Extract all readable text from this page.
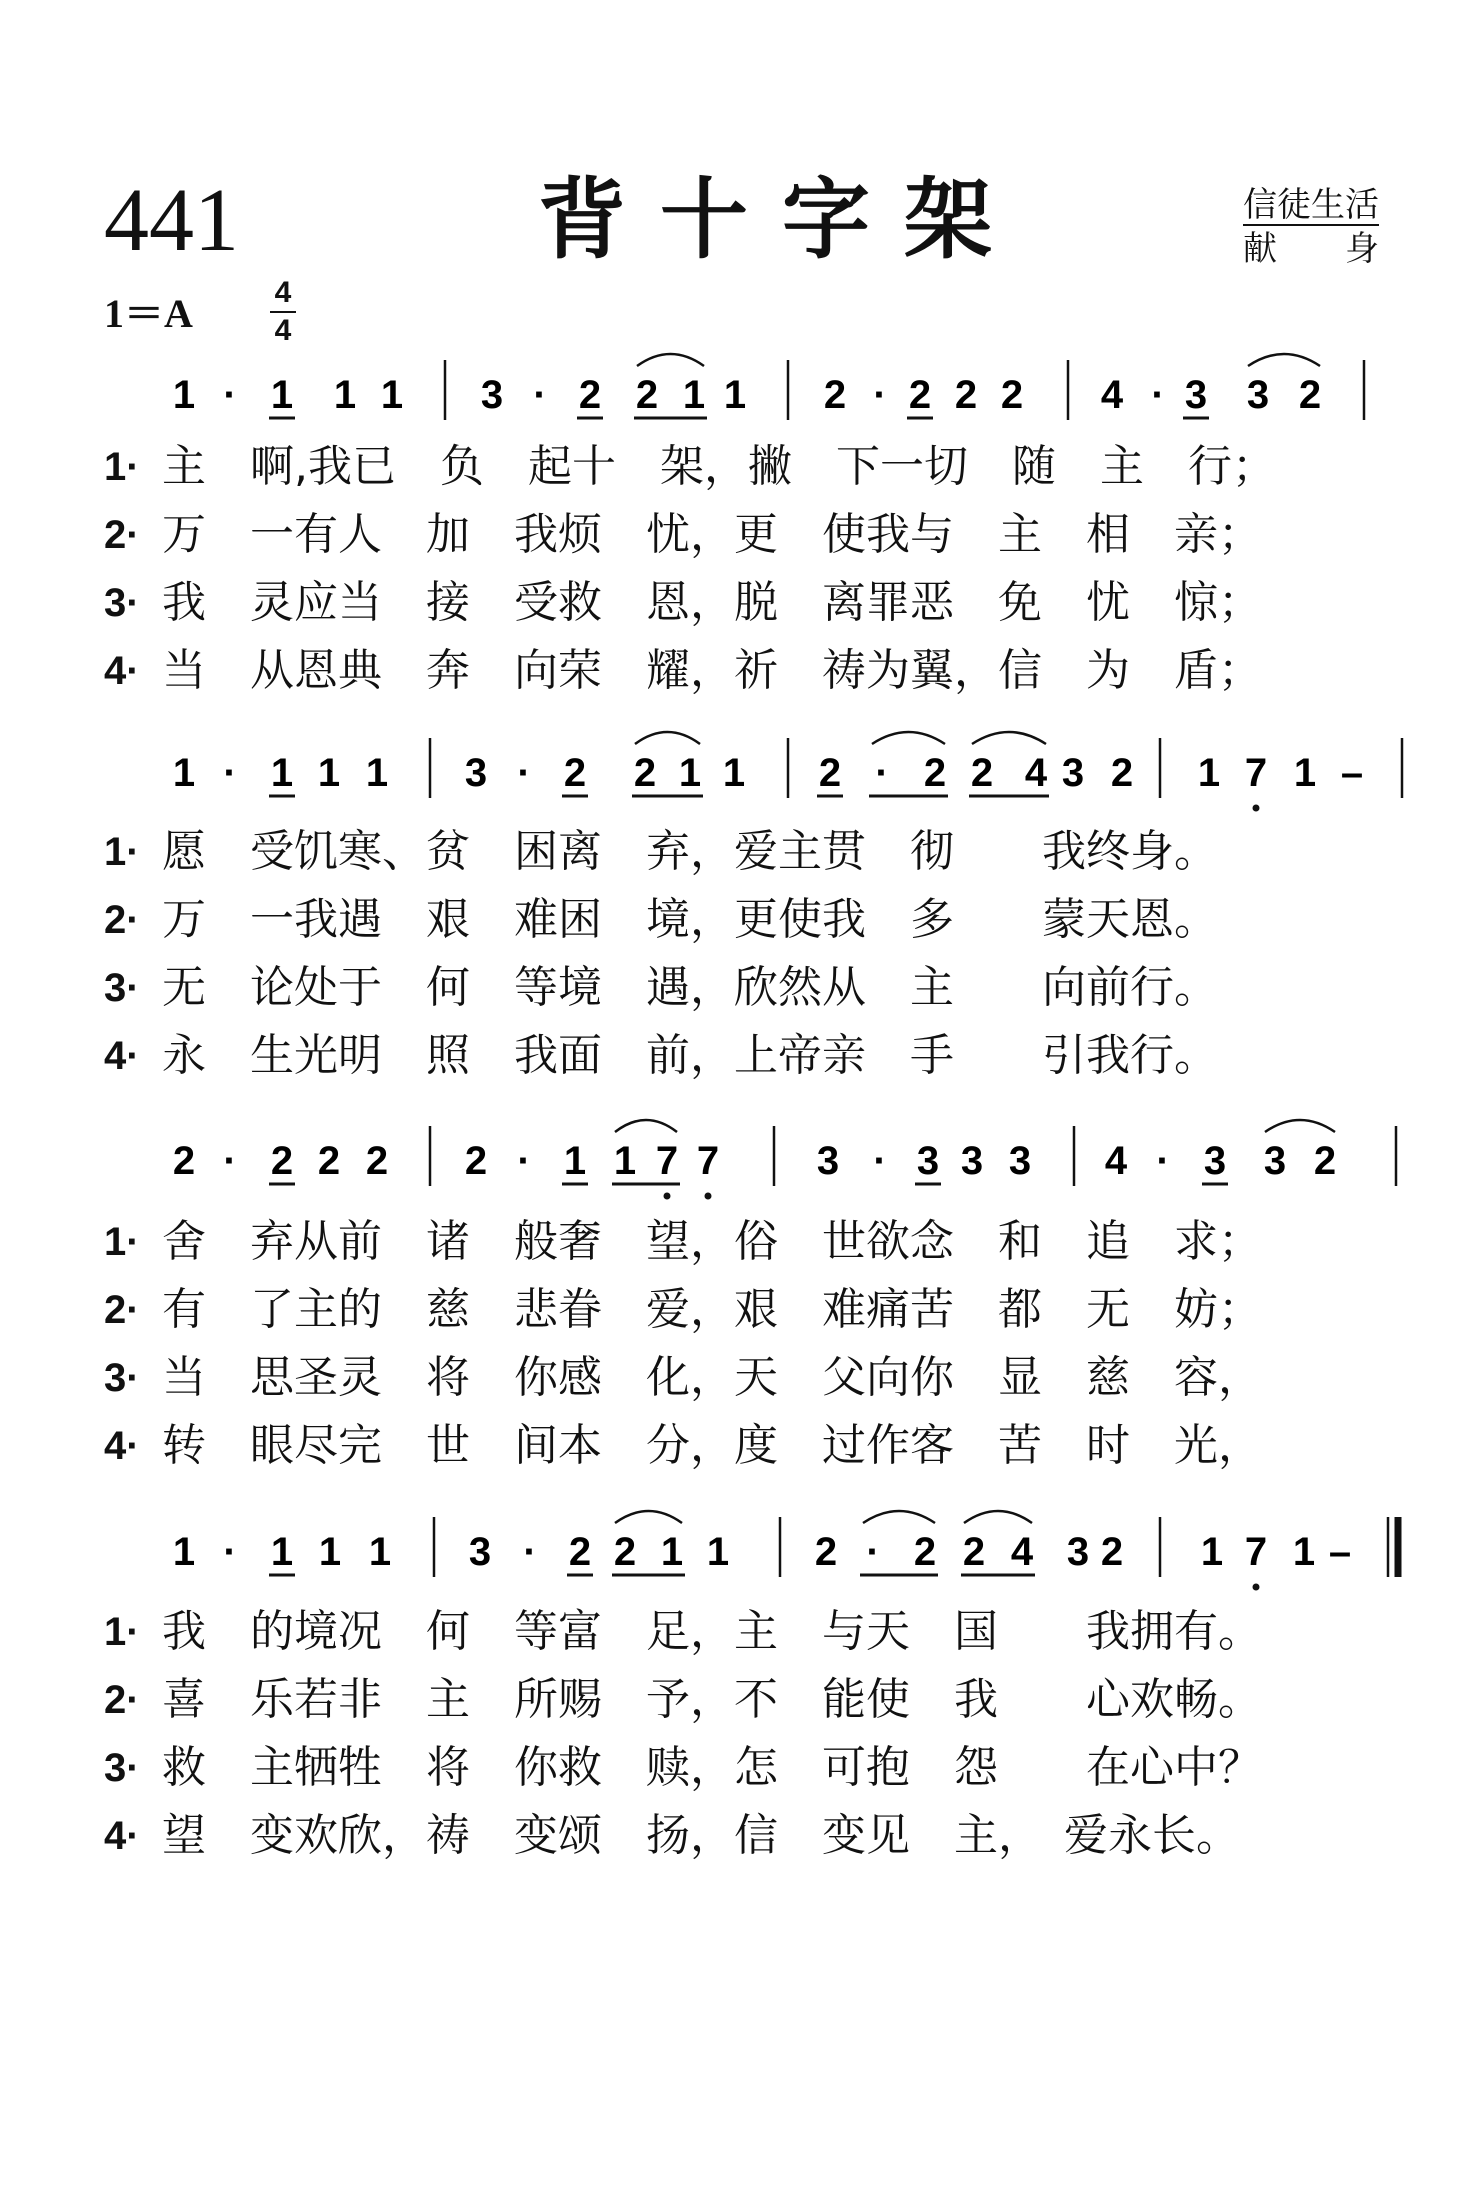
441	背十字架	信徒生活
献　　身
1＝A	4
4
1 · 1 1 1 3 · 2 2 1 1 2 · 2 2 2 4 · 3 3 2
1 · 1 1 1 3 · 2 2 1 1 2 · 2 2 4 3 2 1 7 1 –
2 · 2 2 2 2 · 1 1 7 7 3 · 3 3 3 4 · 3 3 2
1 · 1 1 1 3 · 2 2 1 1 2 · 2 2 4 3 2 1 7 1 –
1· 主　啊,我已　负　起十　架，撇　下一切　随　主　行；
2· 万　一有人　加　我烦　忧，更　使我与　主　相　亲；
3· 我　灵应当　接　受救　恩，脱　离罪恶　免　忧　惊；
4· 当　从恩典　奔　向荣　耀，祈　祷为翼，信　为　盾；
1· 愿　受饥寒、贫　困离　弃，爱主贯　彻　　我终身。
2· 万　一我遇　艰　难困　境，更使我　多　　蒙天恩。
3· 无　论处于　何　等境　遇，欣然从　主　　向前行。
4· 永　生光明　照　我面　前，上帝亲　手　　引我行。
1· 舍　弃从前　诸　般奢　望，俗　世欲念　和　追　求；
2· 有　了主的　慈　悲眷　爱，艰　难痛苦　都　无　妨；
3· 当　思圣灵　将　你感　化，天　父向你　显　慈　容，
4· 转　眼尽完　世　间本　分，度　过作客　苦　时　光，
1· 我　的境况　何　等富　足，主　与天　国　　我拥有。
2· 喜　乐若非　主　所赐　予，不　能使　我　　心欢畅。
3· 救　主牺牲　将　你救　赎，怎　可抱　怨　　在心中？
4· 望　变欢欣，祷　变颂　扬，信　变见　主，　爱永长。
